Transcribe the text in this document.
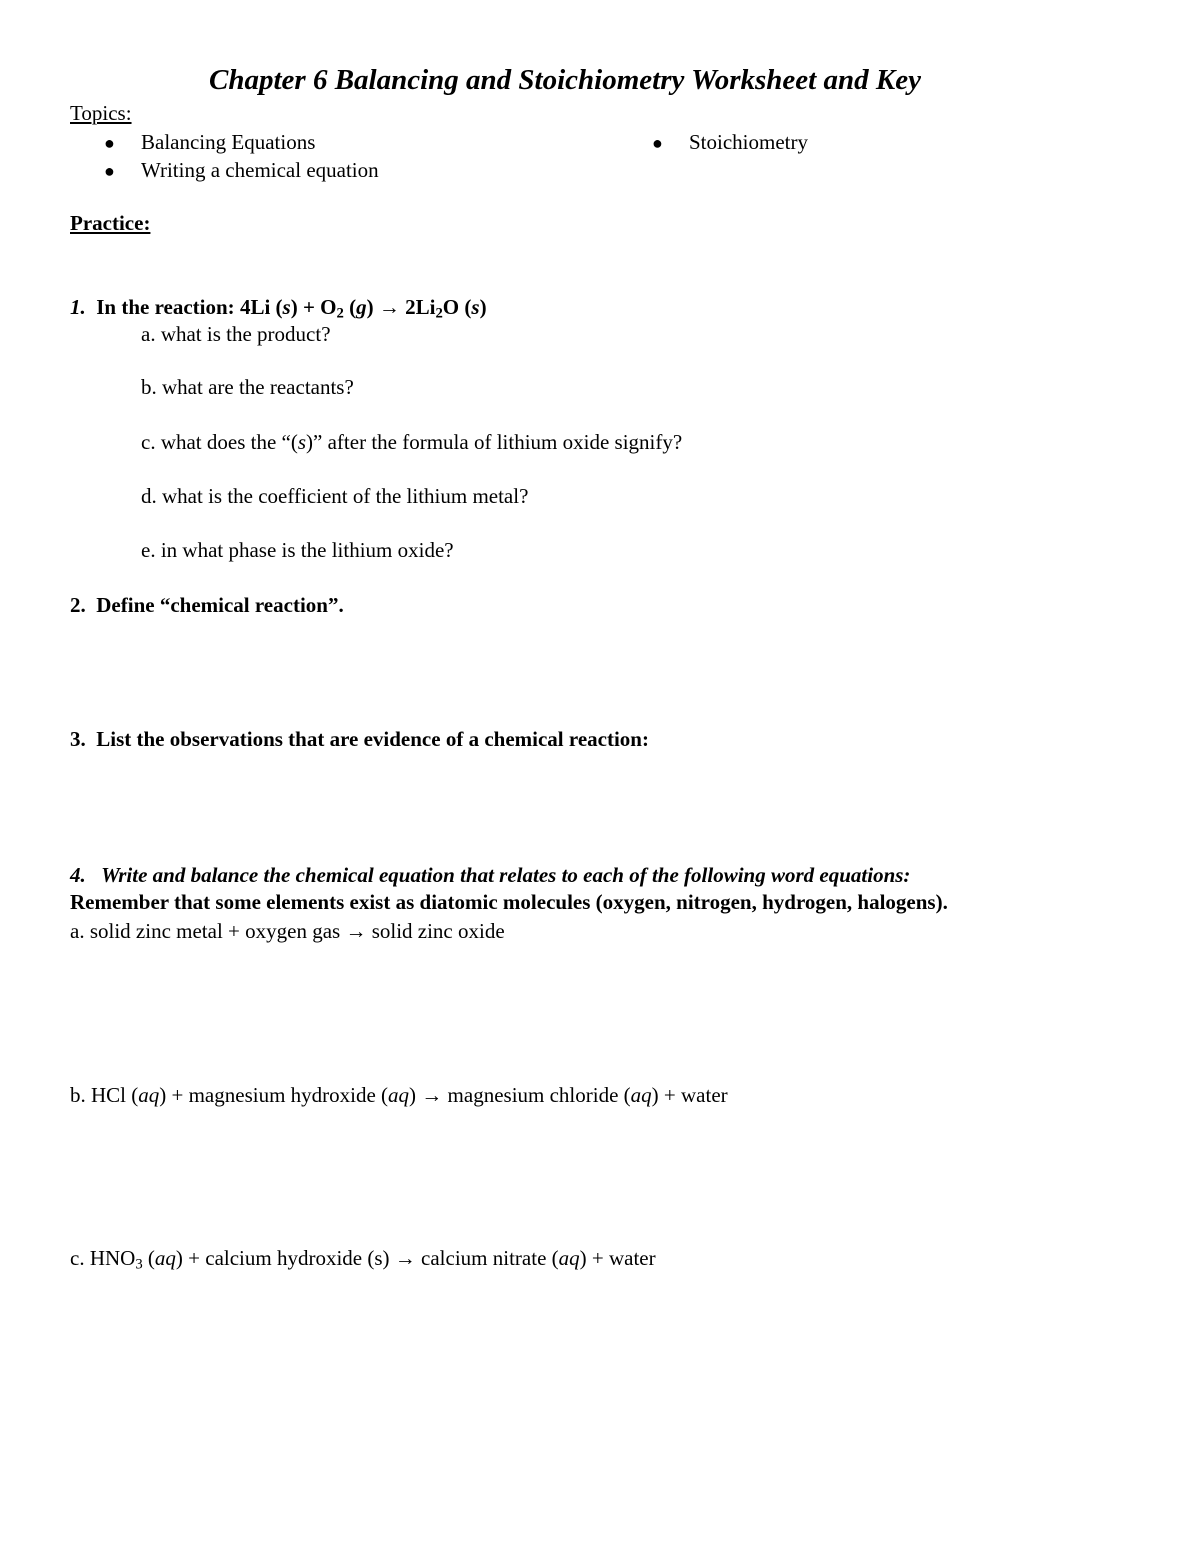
Chapter 6 Balancing and Stoichiometry Worksheet and Key
Topics:
● Balancing Equations
● Writing a chemical equation
● Stoichiometry
Practice:
1. In the reaction: 4Li $(s) + O_2$ $(g) \to 2Li_2O$ (s)
a. what is the product?
b. what are the reactants?
c. what does the “(s)” after the formula of lithium oxide signify?
d. what is the coefficient of the lithium metal?
e. in what phase is the lithium oxide?
2. Define “chemical reaction”.
3. List the observations that are evidence of a chemical reaction:
4. Write and balance the chemical equation that relates to each of the following word equations:
Remember that some elements exist as diatomic molecules (oxygen, nitrogen, hydrogen, halogens).
a. solid zinc metal + oxygen gas → solid zinc oxide
b. HCl (aq) + magnesium hydroxide (aq) → magnesium chloride (aq) + water
c. $HNO_3$ (aq) + calcium hydroxide (s) → calcium nitrate (aq) + water
